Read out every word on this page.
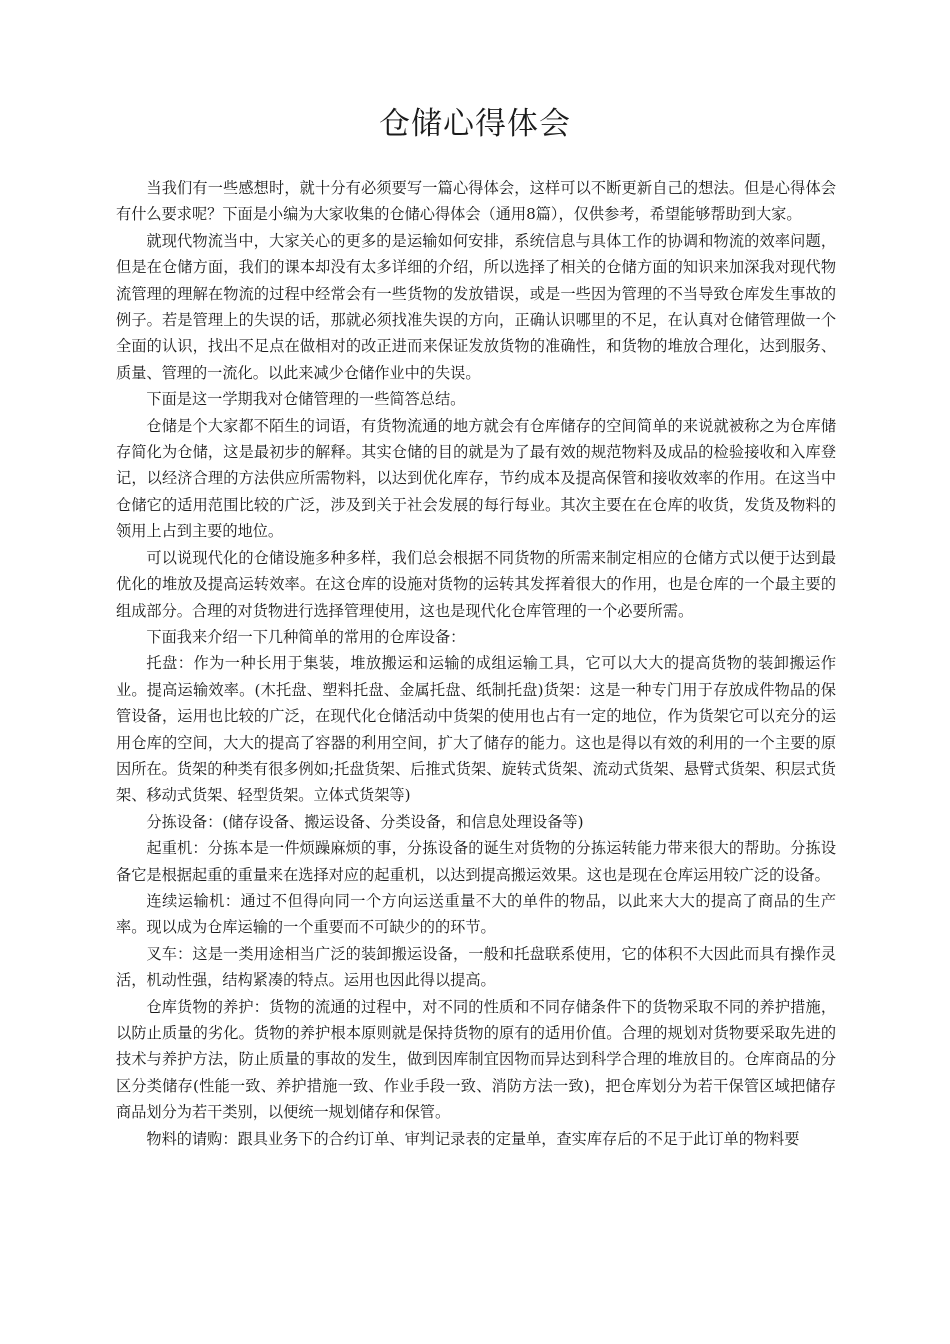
仓储心得体会

当我们有一些感想时，就十分有必须要写一篇心得体会，这样可以不断更新自己的想法。但是心得体会有什么要求呢？下面是小编为大家收集的仓储心得体会（通用8篇），仅供参考，希望能够帮助到大家。

就现代物流当中，大家关心的更多的是运输如何安排，系统信息与具体工作的协调和物流的效率问题，但是在仓储方面，我们的课本却没有太多详细的介绍，所以选择了相关的仓储方面的知识来加深我对现代物流管理的理解在物流的过程中经常会有一些货物的发放错误，或是一些因为管理的不当导致仓库发生事故的例子。若是管理上的失误的话，那就必须找准失误的方向，正确认识哪里的不足，在认真对仓储管理做一个全面的认识，找出不足点在做相对的改正进而来保证发放货物的准确性，和货物的堆放合理化，达到服务、质量、管理的一流化。以此来减少仓储作业中的失误。

下面是这一学期我对仓储管理的一些简答总结。

仓储是个大家都不陌生的词语，有货物流通的地方就会有仓库储存的空间简单的来说就被称之为仓库储存简化为仓储，这是最初步的解释。其实仓储的目的就是为了最有效的规范物料及成品的检验接收和入库登记，以经济合理的方法供应所需物料，以达到优化库存，节约成本及提高保管和接收效率的作用。在这当中仓储它的适用范围比较的广泛，涉及到关于社会发展的每行每业。其次主要在在仓库的收货，发货及物料的领用上占到主要的地位。

可以说现代化的仓储设施多种多样，我们总会根据不同货物的所需来制定相应的仓储方式以便于达到最优化的堆放及提高运转效率。在这仓库的设施对货物的运转其发挥着很大的作用，也是仓库的一个最主要的组成部分。合理的对货物进行选择管理使用，这也是现代化仓库管理的一个必要所需。

下面我来介绍一下几种简单的常用的仓库设备：

托盘：作为一种长用于集装，堆放搬运和运输的成组运输工具，它可以大大的提高货物的装卸搬运作业。提高运输效率。(木托盘、塑料托盘、金属托盘、纸制托盘)货架：这是一种专门用于存放成件物品的保管设备，运用也比较的广泛，在现代化仓储活动中货架的使用也占有一定的地位，作为货架它可以充分的运用仓库的空间，大大的提高了容器的利用空间，扩大了储存的能力。这也是得以有效的利用的一个主要的原因所在。货架的种类有很多例如;托盘货架、后推式货架、旋转式货架、流动式货架、悬臂式货架、积层式货架、移动式货架、轻型货架。立体式货架等)

分拣设备：(储存设备、搬运设备、分类设备，和信息处理设备等)

起重机：分拣本是一件烦躁麻烦的事，分拣设备的诞生对货物的分拣运转能力带来很大的帮助。分拣设备它是根据起重的重量来在选择对应的起重机，以达到提高搬运效果。这也是现在仓库运用较广泛的设备。

连续运输机：通过不但得向同一个方向运送重量不大的单件的物品，以此来大大的提高了商品的生产率。现以成为仓库运输的一个重要而不可缺少的的环节。

叉车：这是一类用途相当广泛的装卸搬运设备，一般和托盘联系使用，它的体积不大因此而具有操作灵活，机动性强，结构紧凑的特点。运用也因此得以提高。

仓库货物的养护：货物的流通的过程中，对不同的性质和不同存储条件下的货物采取不同的养护措施，以防止质量的劣化。货物的养护根本原则就是保持货物的原有的适用价值。合理的规划对货物要采取先进的技术与养护方法，防止质量的事故的发生，做到因库制宜因物而异达到科学合理的堆放目的。仓库商品的分区分类储存(性能一致、养护措施一致、作业手段一致、消防方法一致)，把仓库划分为若干保管区域把储存商品划分为若干类别，以便统一规划储存和保管。

物料的请购：跟具业务下的合约订单、审判记录表的定量单，查实库存后的不足于此订单的物料要
